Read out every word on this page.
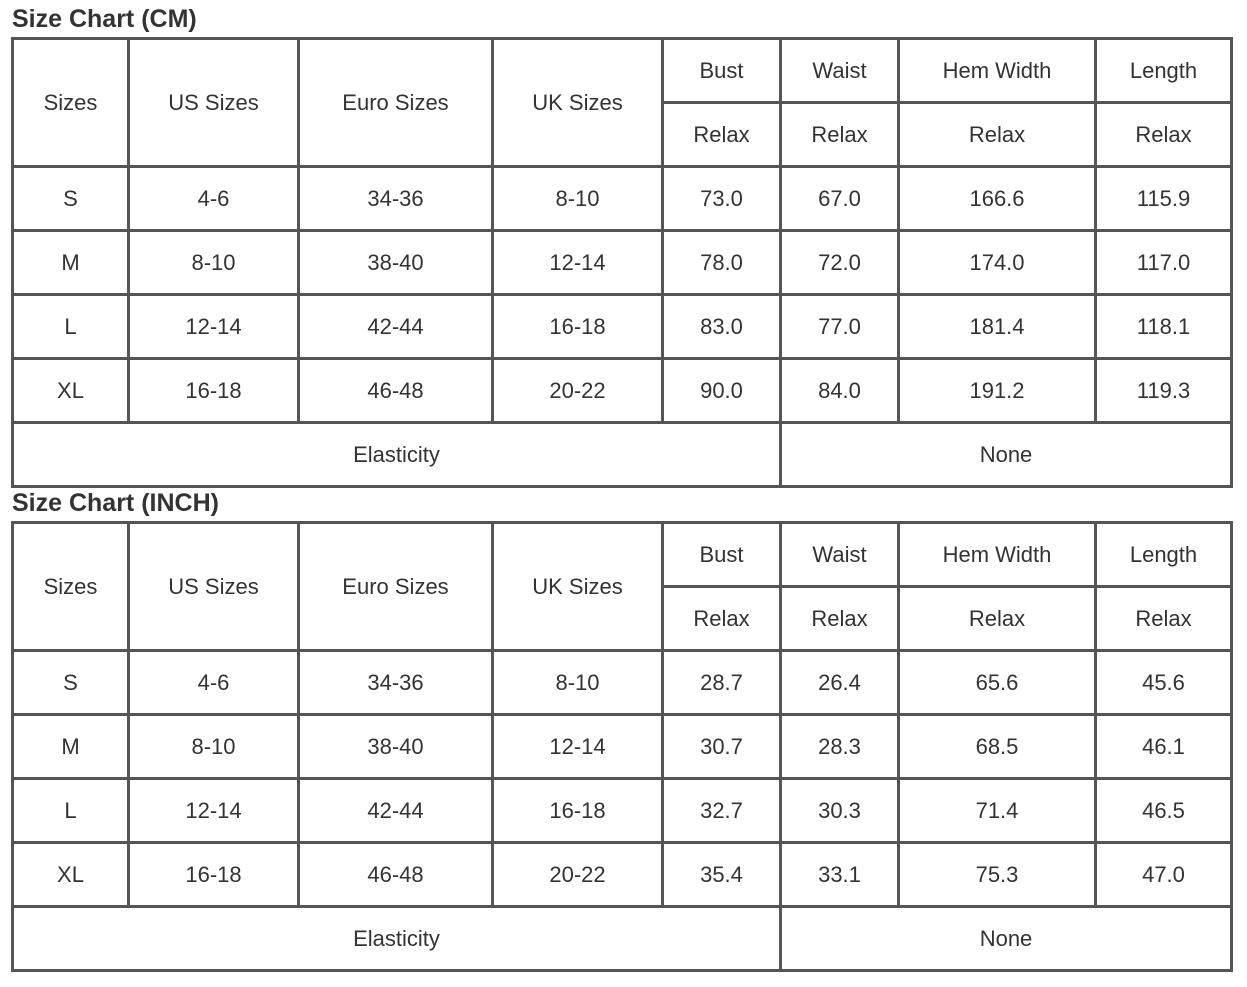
Size Chart (CM)
Sizes	US Sizes	Euro Sizes	UK Sizes	Bust	Waist	Hem Width	Length
				Relax	Relax	Relax	Relax
S	4-6	34-36	8-10	73.0	67.0	166.6	115.9
M	8-10	38-40	12-14	78.0	72.0	174.0	117.0
L	12-14	42-44	16-18	83.0	77.0	181.4	118.1
XL	16-18	46-48	20-22	90.0	84.0	191.2	119.3
Elasticity					None		
Size Chart (INCH)
Sizes	US Sizes	Euro Sizes	UK Sizes	Bust	Waist	Hem Width	Length
				Relax	Relax	Relax	Relax
S	4-6	34-36	8-10	28.7	26.4	65.6	45.6
M	8-10	38-40	12-14	30.7	28.3	68.5	46.1
L	12-14	42-44	16-18	32.7	30.3	71.4	46.5
XL	16-18	46-48	20-22	35.4	33.1	75.3	47.0
Elasticity					None		
